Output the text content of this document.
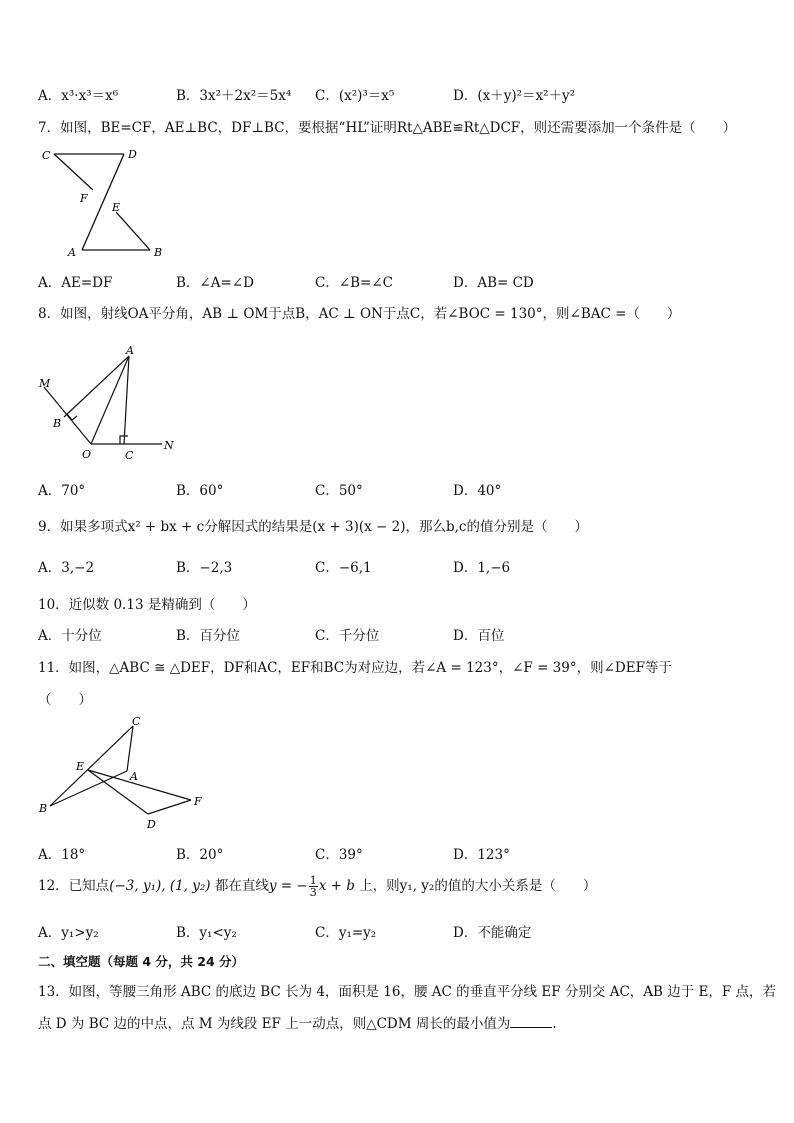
A．x³·x³＝x⁶	B．3x²＋2x²＝5x⁴ C．(x²)³＝x⁵	D．(x＋y)²＝x²＋y²
7．如图，BE=CF，AE⊥BC，DF⊥BC，要根据“HL”证明Rt△ABE≌Rt△DCF，则还需要添加一个条件是（　　）
C	D
F
E
A	B
A．AE=DF	B．∠A=∠D	C．∠B=∠C	D．AB= CD
8．如图，射线OA平分角，AB ⊥ OM于点B，AC ⊥ ON于点C，若∠BOC = 130°，则∠BAC =（　　）
A
M
B
O	C
N
A．70°	B．60°	C．50°	D．40°
9．如果多项式x² + bx + c分解因式的结果是(x + 3)(x − 2)，那么b,c的值分别是（　　）
A．3,−2	B．−2,3	C．−6,1	D．1,−6
10．近似数 0.13 是精确到（　　）
A．十分位	B．百分位	C．千分位	D．百位
11．如图，△ABC ≅ △DEF，DF和AC，EF和BC为对应边，若∠A = 123°，∠F = 39°，则∠DEF等于
（　　）
C
E
A
B
F
D
A．18°	B．20°	C．39°	D．123°
12．已知点(−3, y₁), (1, y₂) 都在直线y = − $\frac{1}{3}$ x + b 上，则y₁, y₂的值的大小关系是（　　）
A．y₁>y₂	B．y₁<y₂	C．y₁=y₂	D．不能确定
二、填空题（每题 4 分，共 24 分）
13．如图，等腰三角形 ABC 的底边 BC 长为 4，面积是 16，腰 AC 的垂直平分线 EF 分别交 AC，AB 边于 E，F 点，若
点 D 为 BC 边的中点，点 M 为线段 EF 上一动点，则△CDM 周长的最小值为	.
